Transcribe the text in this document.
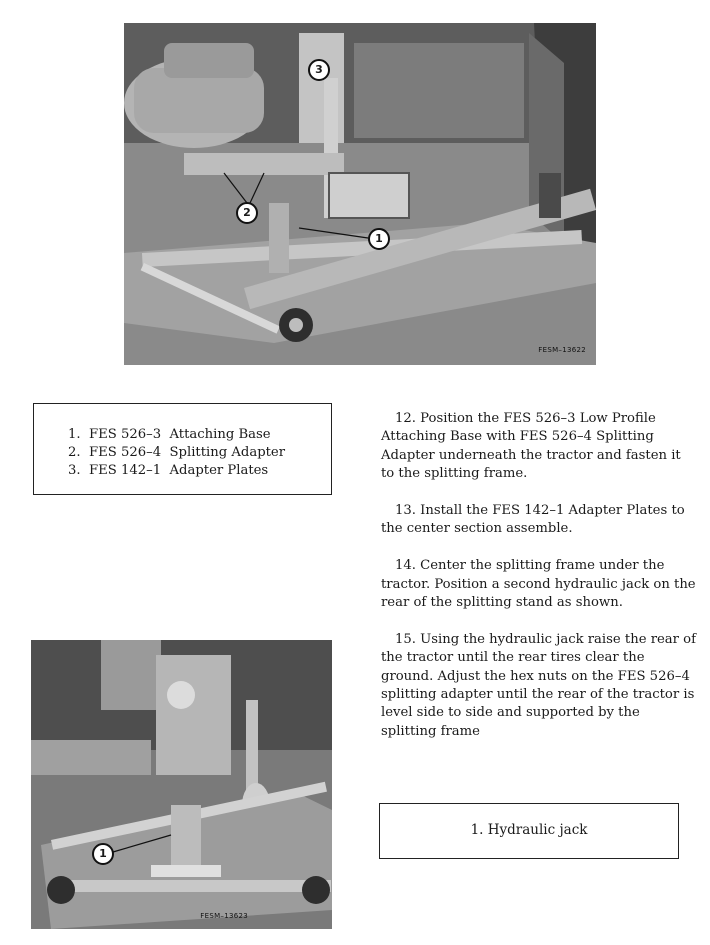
3
2
1
FESM–13622
1.  FES 526–3  Attaching Base
2.  FES 526–4  Splitting Adapter
3.  FES 142–1  Adapter Plates

12. Position the FES 526–3 Low Profile Attaching Base with FES 526–4 Splitting Adapter underneath the tractor and fasten it to the splitting frame.

13. Install the FES 142–1 Adapter Plates to the center section assemble.

14. Center the splitting frame under the tractor. Position a second hydraulic jack on the rear of the splitting stand as shown.

15. Using the hydraulic jack raise the rear of the tractor until the rear tires clear the ground. Adjust the hex nuts on the FES 526–4 splitting adapter until the rear of the tractor is level side to side and supported by the splitting frame

1
FESM–13623
1. Hydraulic jack
